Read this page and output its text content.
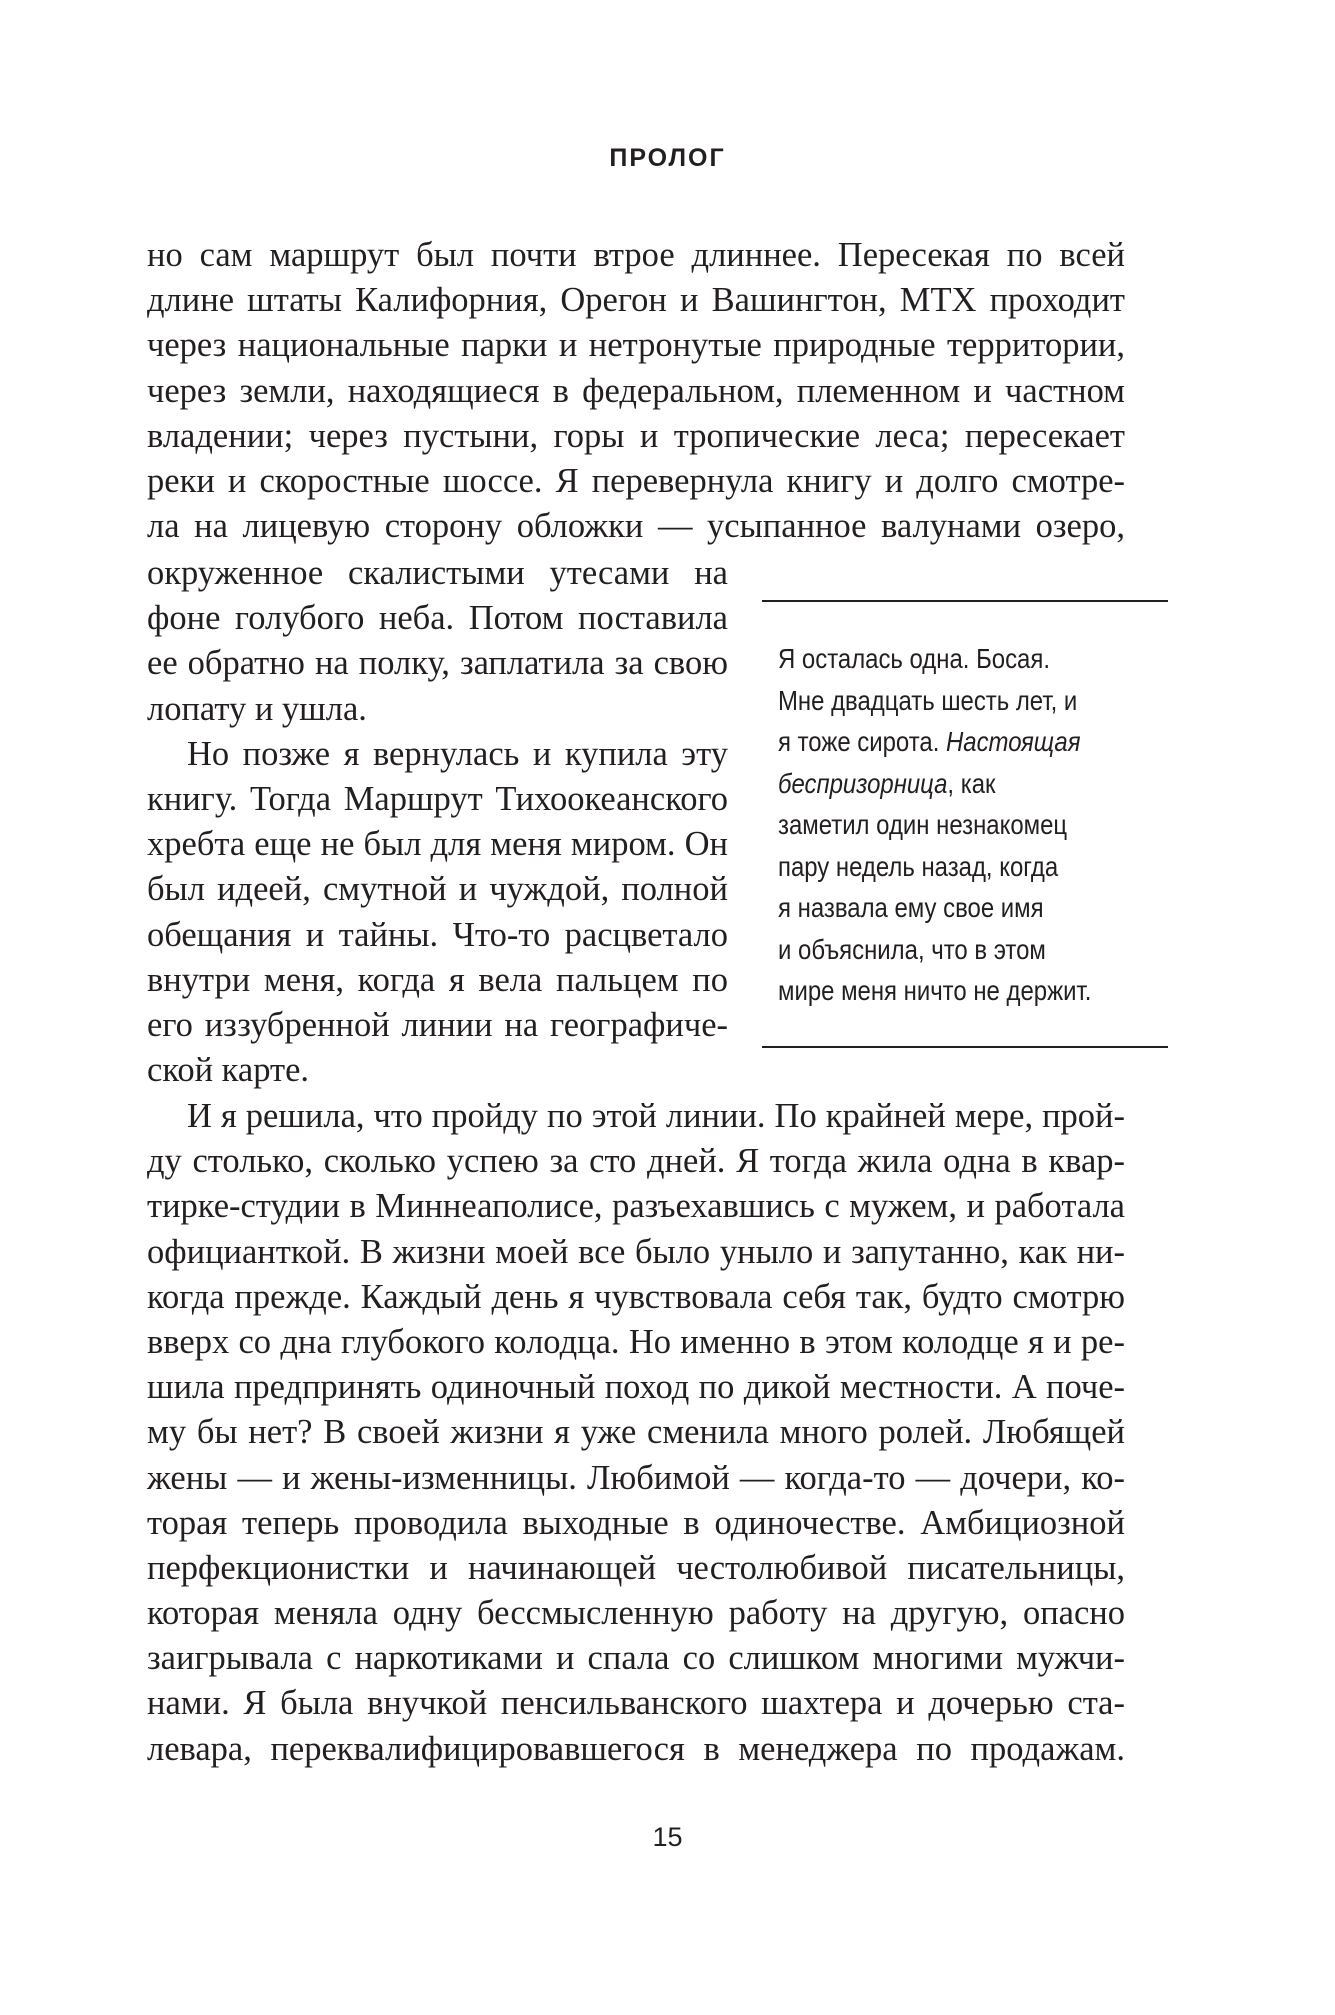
ПРОЛОГ
но сам маршрут был почти втрое длиннее. Пересекая по всей
длине штаты Калифорния, Орегон и Вашингтон, МТХ проходит
через национальные парки и нетронутые природные территории,
через земли, находящиеся в федеральном, племенном и частном
владении; через пустыни, горы и тропические леса; пересекает
реки и скоростные шоссе. Я перевернула книгу и долго смотре-
ла на лицевую сторону обложки — усыпанное валунами озеро,
окруженное скалистыми утесами на
фоне голубого неба. Потом поставила
ее обратно на полку, заплатила за свою
лопату и ушла.
Но позже я вернулась и купила эту
книгу. Тогда Маршрут Тихоокеанского
хребта еще не был для меня миром. Он
был идеей, смутной и чуждой, полной
обещания и тайны. Что-то расцветало
внутри меня, когда я вела пальцем по
его иззубренной линии на географиче-
ской карте.
Я осталась одна. Босая.
Мне двадцать шесть лет, и
я тоже сирота. Настоящая
беспризорница, как
заметил один незнакомец
пару недель назад, когда
я назвала ему свое имя
и объяснила, что в этом
мире меня ничто не держит.
И я решила, что пройду по этой линии. По крайней мере, прой-
ду столько, сколько успею за сто дней. Я тогда жила одна в квар-
тирке-студии в Миннеаполисе, разъехавшись с мужем, и работала
официанткой. В жизни моей все было уныло и запутанно, как ни-
когда прежде. Каждый день я чувствовала себя так, будто смотрю
вверх со дна глубокого колодца. Но именно в этом колодце я и ре-
шила предпринять одиночный поход по дикой местности. А поче-
му бы нет? В своей жизни я уже сменила много ролей. Любящей
жены — и жены-изменницы. Любимой — когда-то — дочери, ко-
торая теперь проводила выходные в одиночестве. Амбициозной
перфекционистки и начинающей честолюбивой писательницы,
которая меняла одну бессмысленную работу на другую, опасно
заигрывала с наркотиками и спала со слишком многими мужчи-
нами. Я была внучкой пенсильванского шахтера и дочерью ста-
левара, переквалифицировавшегося в менеджера по продажам.
15
